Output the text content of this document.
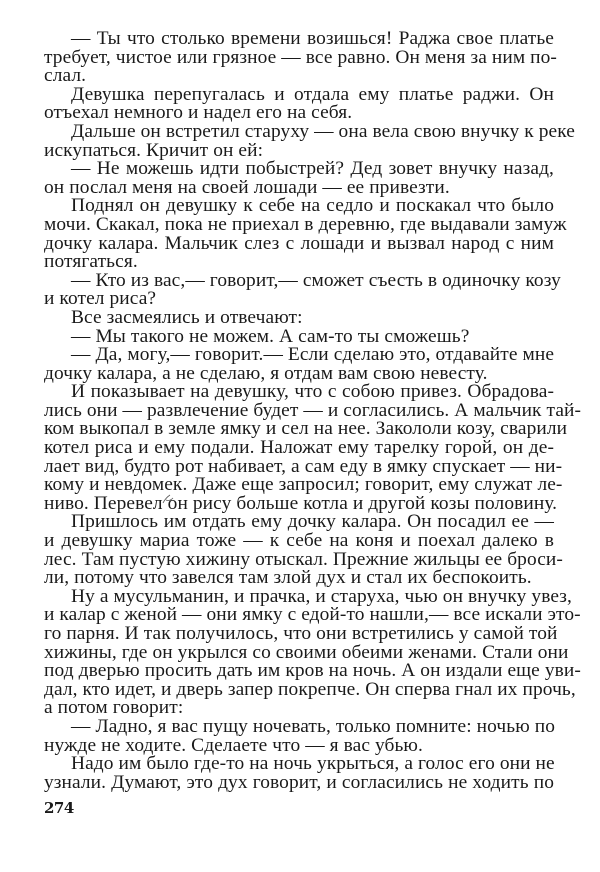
— Ты что столько времени возишься! Раджа свое платье
требует, чистое или грязное — все равно. Он меня за ним по-
слал.
Девушка перепугалась и отдала ему платье раджи. Он
отъехал немного и надел его на себя.
Дальше он встретил старуху — она вела свою внучку к реке
искупаться. Кричит он ей:
— Не можешь идти побыстрей? Дед зовет внучку назад,
он послал меня на своей лошади — ее привезти.
Поднял он девушку к себе на седло и поскакал что было
мочи. Скакал, пока не приехал в деревню, где выдавали замуж
дочку калара. Мальчик слез с лошади и вызвал народ с ним
потягаться.
— Кто из вас,— говорит,— сможет съесть в одиночку козу
и котел риса?
Все засмеялись и отвечают:
— Мы такого не можем. А сам-то ты сможешь?
— Да, могу,— говорит.— Если сделаю это, отдавайте мне
дочку калара, а не сделаю, я отдам вам свою невесту.
И показывает на девушку, что с собою привез. Обрадова-
лись они — развлечение будет — и согласились. А мальчик тай-
ком выкопал в земле ямку и сел на нее. Закололи козу, сварили
котел риса и ему подали. Наложат ему тарелку горой, он де-
лает вид, будто рот набивает, а сам еду в ямку спускает — ни-
кому и невдомек. Даже еще запросил; говорит, ему служат ле-
ниво. Перевел он рису больше котла и другой козы половину.
Пришлось им отдать ему дочку калара. Он посадил ее —
и девушку мариа тоже — к себе на коня и поехал далеко в
лес. Там пустую хижину отыскал. Прежние жильцы ее броси-
ли, потому что завелся там злой дух и стал их беспокоить.
Ну а мусульманин, и прачка, и старуха, чью он внучку увез,
и калар с женой — они ямку с едой-то нашли,— все искали это-
го парня. И так получилось, что они встретились у самой той
хижины, где он укрылся со своими обеими женами. Стали они
под дверью просить дать им кров на ночь. А он издали еще уви-
дал, кто идет, и дверь запер покрепче. Он сперва гнал их прочь,
а потом говорит:
— Ладно, я вас пущу ночевать, только помните: ночью по
нужде не ходите. Сделаете что — я вас убью.
Надо им было где-то на ночь укрыться, а голос его они не
узнали. Думают, это дух говорит, и согласились не ходить по
274
